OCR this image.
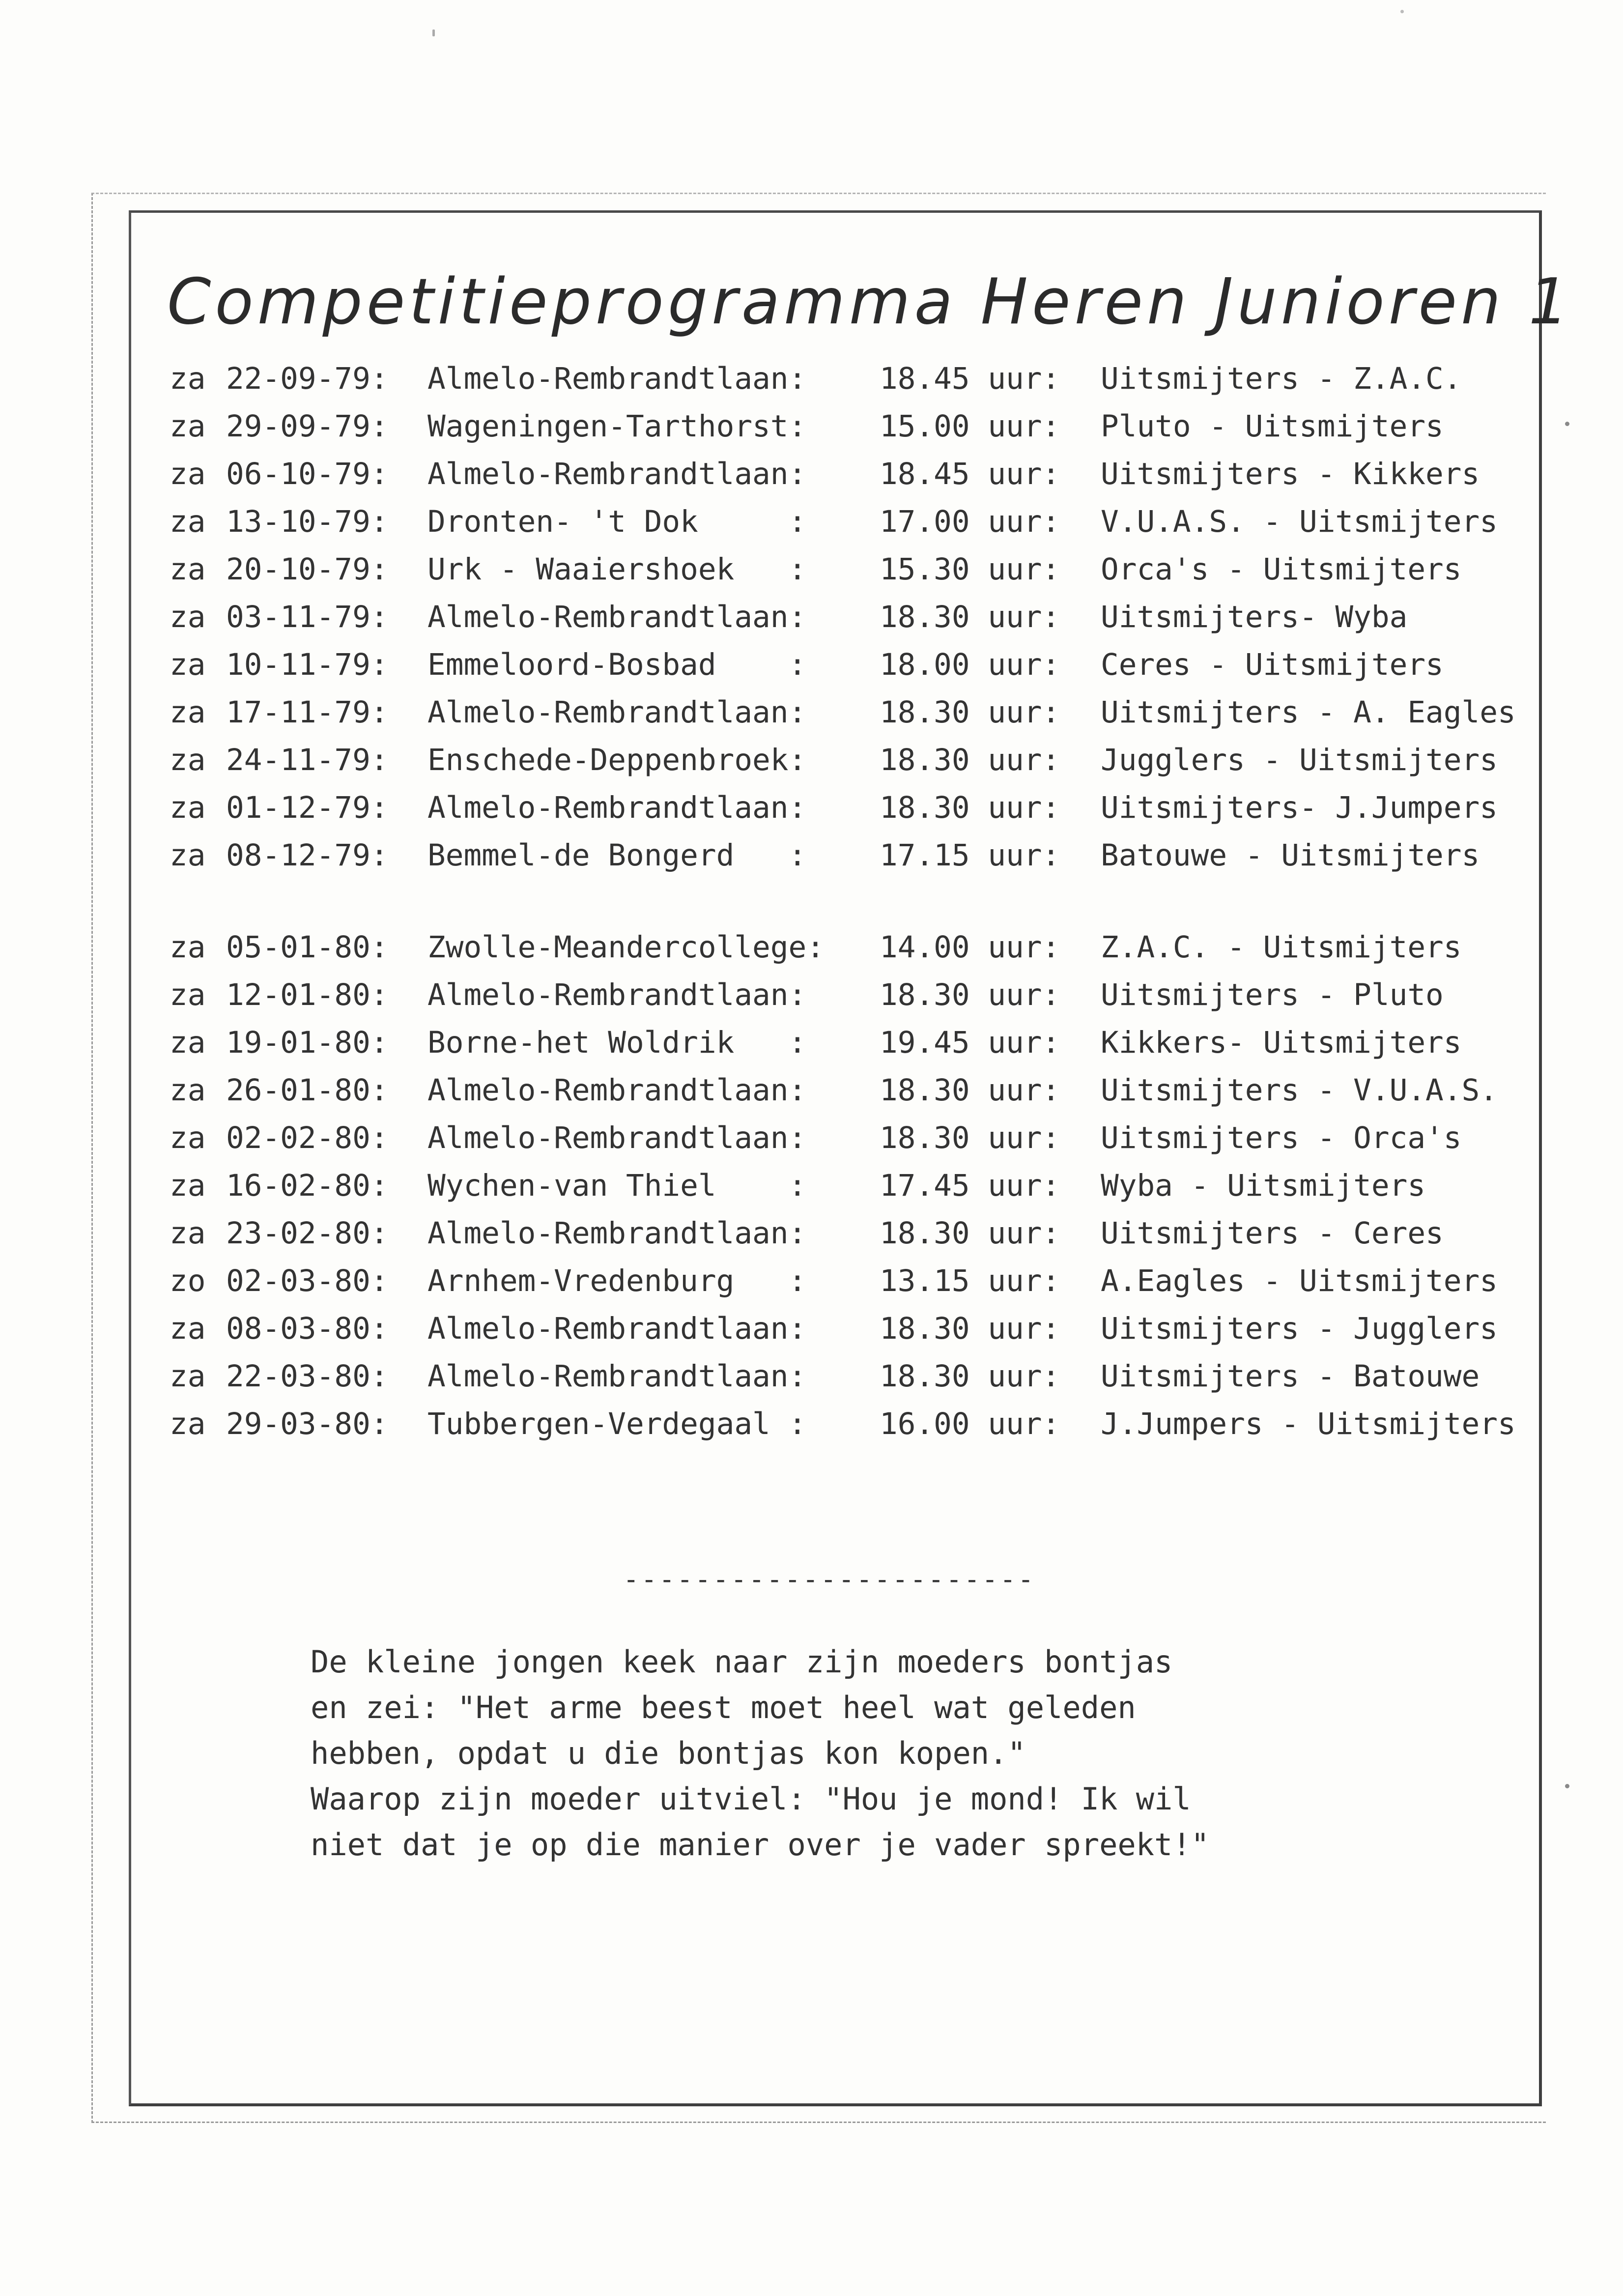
Competitieprogramma Heren Junioren 1
za 22-09-79: Almelo-Rembrandtlaan: 18.45 uur: Uitsmijters - Z.A.C.
za 29-09-79: Wageningen-Tarthorst: 15.00 uur: Pluto - Uitsmijters
za 06-10-79: Almelo-Rembrandtlaan: 18.45 uur: Uitsmijters - Kikkers
za 13-10-79: Dronten- 't Dok     : 17.00 uur: V.U.A.S. - Uitsmijters
za 20-10-79: Urk - Waaiershoek   : 15.30 uur: Orca's - Uitsmijters
za 03-11-79: Almelo-Rembrandtlaan: 18.30 uur: Uitsmijters- Wyba
za 10-11-79: Emmeloord-Bosbad    : 18.00 uur: Ceres - Uitsmijters
za 17-11-79: Almelo-Rembrandtlaan: 18.30 uur: Uitsmijters - A. Eagles
za 24-11-79: Enschede-Deppenbroek: 18.30 uur: Jugglers - Uitsmijters
za 01-12-79: Almelo-Rembrandtlaan: 18.30 uur: Uitsmijters- J.Jumpers
za 08-12-79: Bemmel-de Bongerd   : 17.15 uur: Batouwe - Uitsmijters
za 05-01-80: Zwolle-Meandercollege: 14.00 uur: Z.A.C. - Uitsmijters
za 12-01-80: Almelo-Rembrandtlaan: 18.30 uur: Uitsmijters - Pluto
za 19-01-80: Borne-het Woldrik   : 19.45 uur: Kikkers- Uitsmijters
za 26-01-80: Almelo-Rembrandtlaan: 18.30 uur: Uitsmijters - V.U.A.S.
za 02-02-80: Almelo-Rembrandtlaan: 18.30 uur: Uitsmijters - Orca's
za 16-02-80: Wychen-van Thiel    : 17.45 uur: Wyba - Uitsmijters
za 23-02-80: Almelo-Rembrandtlaan: 18.30 uur: Uitsmijters - Ceres
zo 02-03-80: Arnhem-Vredenburg   : 13.15 uur: A.Eagles - Uitsmijters
za 08-03-80: Almelo-Rembrandtlaan: 18.30 uur: Uitsmijters - Jugglers
za 22-03-80: Almelo-Rembrandtlaan: 18.30 uur: Uitsmijters - Batouwe
za 29-03-80: Tubbergen-Verdegaal : 16.00 uur: J.Jumpers - Uitsmijters
-----------------------
De kleine jongen keek naar zijn moeders bontjas
en zei: "Het arme beest moet heel wat geleden
hebben, opdat u die bontjas kon kopen."
Waarop zijn moeder uitviel: "Hou je mond! Ik wil
niet dat je op die manier over je vader spreekt!"
